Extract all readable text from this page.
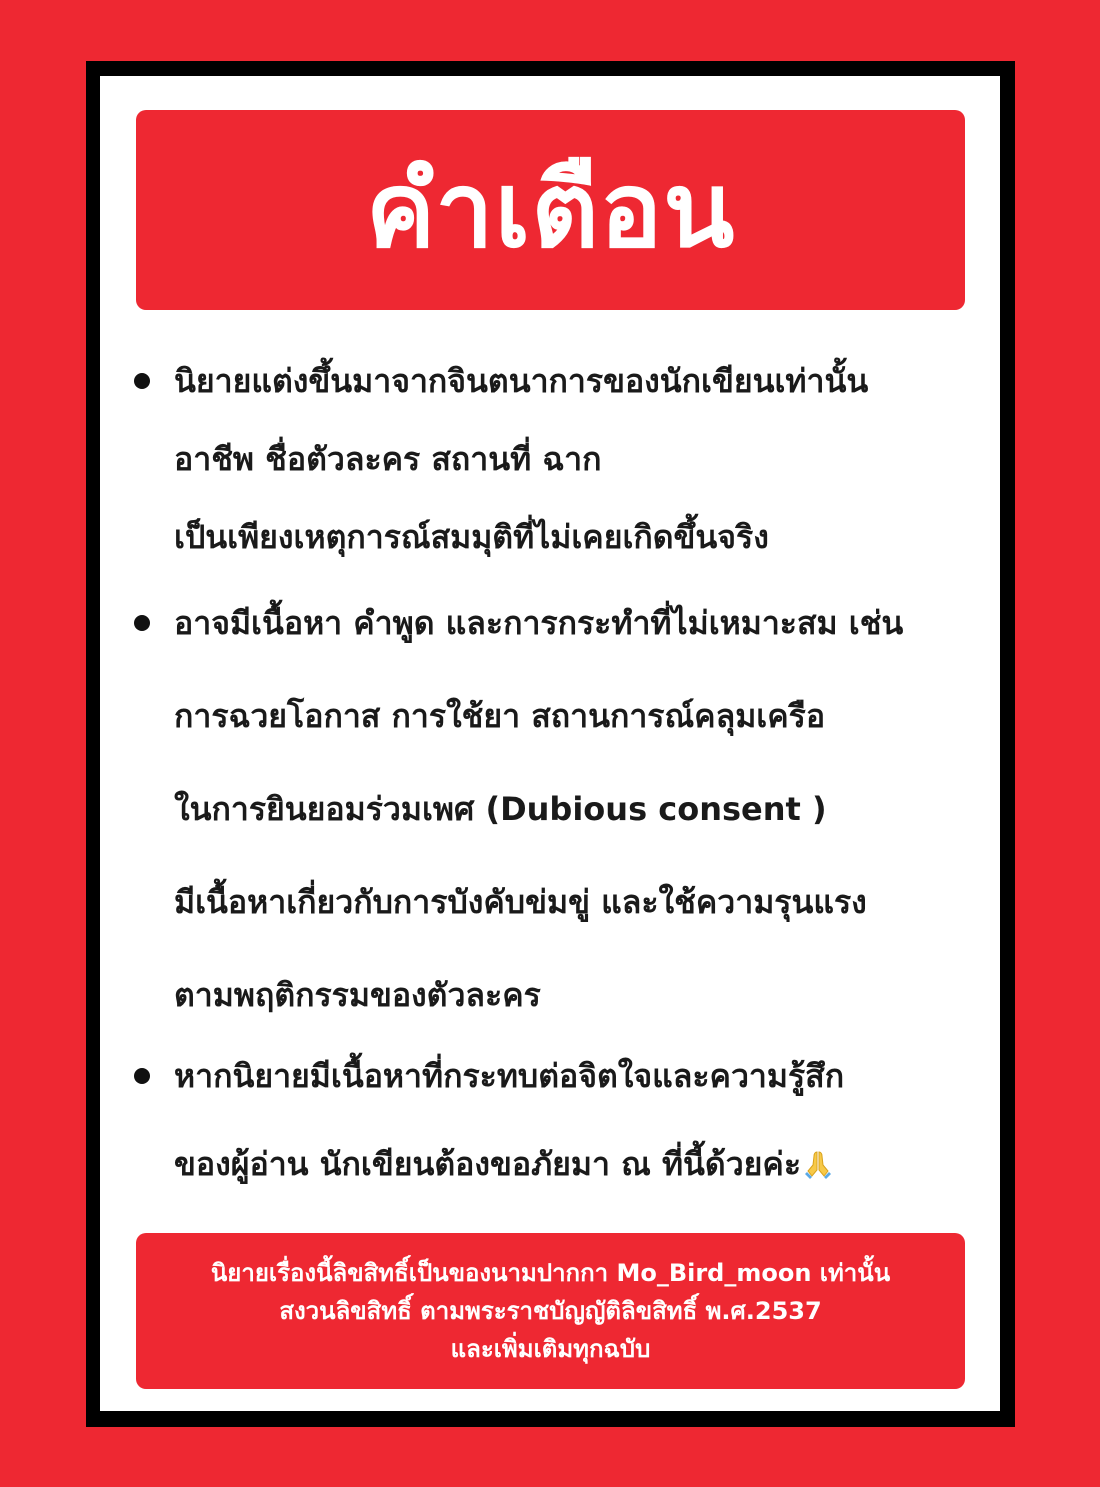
คำเตือน
นิยายแต่งขึ้นมาจากจินตนาการของนักเขียนเท่านั้น
อาชีพ ชื่อตัวละคร สถานที่ ฉาก
เป็นเพียงเหตุการณ์สมมุติที่ไม่เคยเกิดขึ้นจริง
อาจมีเนื้อหา คำพูด และการกระทำที่ไม่เหมาะสม เช่น
การฉวยโอกาส การใช้ยา สถานการณ์คลุมเครือ
ในการยินยอมร่วมเพศ (Dubious consent )
มีเนื้อหาเกี่ยวกับการบังคับข่มขู่ และใช้ความรุนแรง
ตามพฤติกรรมของตัวละคร
หากนิยายมีเนื้อหาที่กระทบต่อจิตใจและความรู้สึก
ของผู้อ่าน นักเขียนต้องขอภัยมา ณ ที่นี้ด้วยค่ะ
นิยายเรื่องนี้ลิขสิทธิ์เป็นของนามปากกา Mo_Bird_moon เท่านั้น
สงวนลิขสิทธิ์ ตามพระราชบัญญัติลิขสิทธิ์ พ.ศ.2537
และเพิ่มเติมทุกฉบับ
